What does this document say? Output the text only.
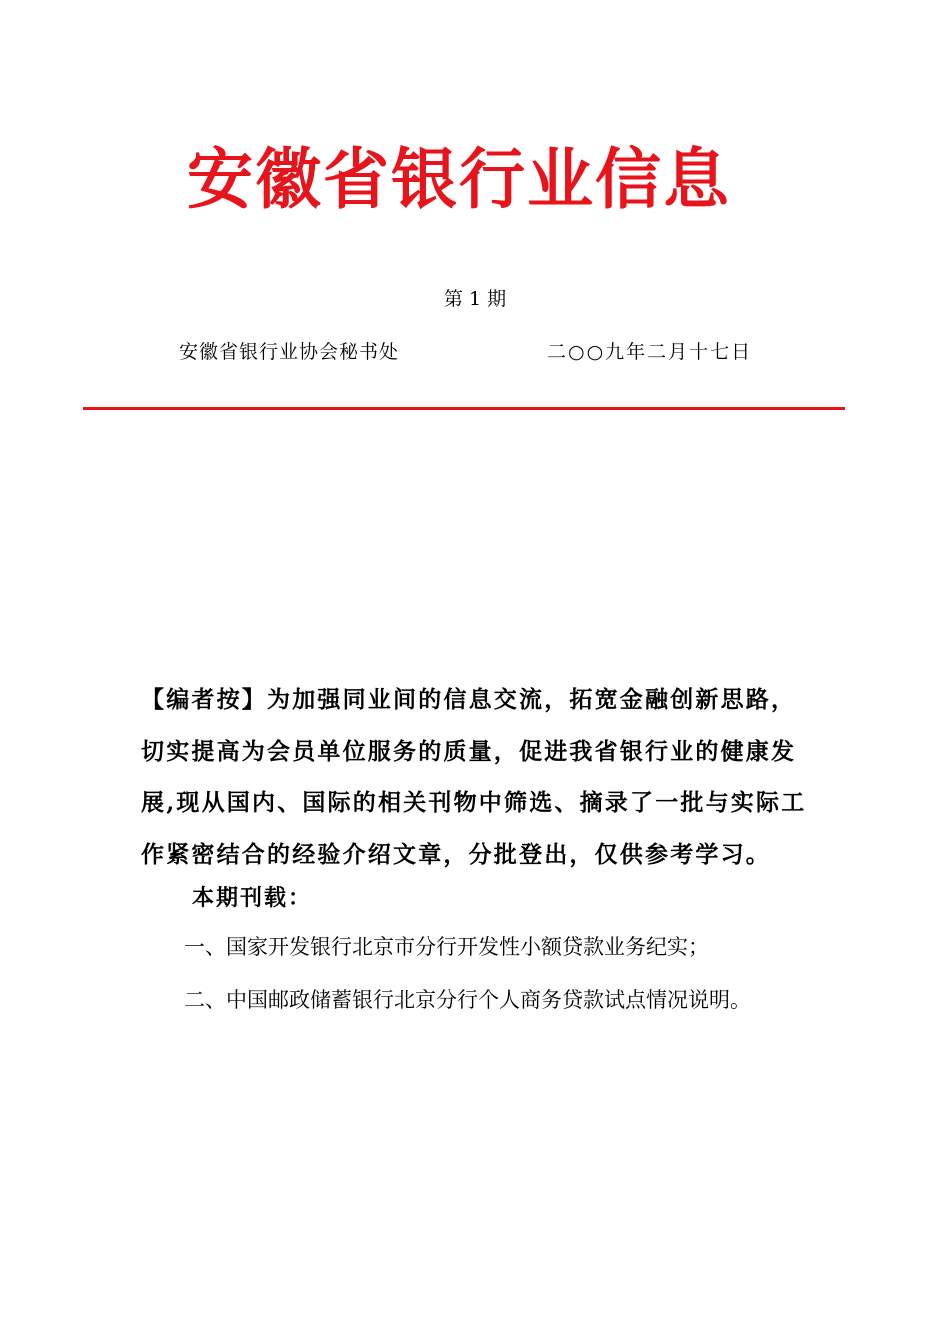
安徽省银行业信息
第 1 期
安徽省银行业协会秘书处	二○○九年二月十七日
【编者按】为加强同业间的信息交流，拓宽金融创新思路，切实提高为会员单位服务的质量，促进我省银行业的健康发展,现从国内、国际的相关刊物中筛选、摘录了一批与实际工作紧密结合的经验介绍文章，分批登出，仅供参考学习。
本期刊载：
一、国家开发银行北京市分行开发性小额贷款业务纪实；
二、中国邮政储蓄银行北京分行个人商务贷款试点情况说明。
